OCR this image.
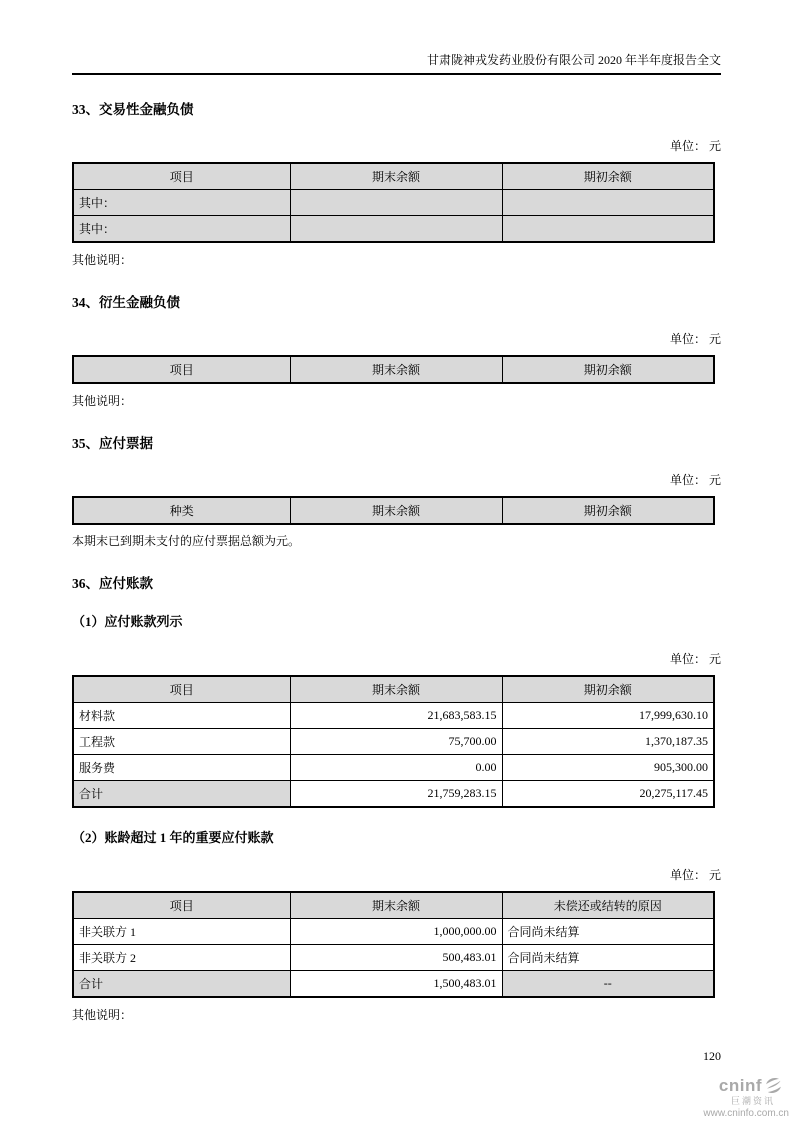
甘肃陇神戎发药业股份有限公司 2020 年半年度报告全文
33、交易性金融负债
单位： 元
项目	期末余额	期初余额
其中：		
其中：		
其他说明：
34、衍生金融负债
单位： 元
项目	期末余额	期初余额
其他说明：
35、应付票据
单位： 元
种类	期末余额	期初余额
本期末已到期未支付的应付票据总额为元。
36、应付账款
（1）应付账款列示
单位： 元
项目	期末余额	期初余额
材料款	21,683,583.15	17,999,630.10
工程款	75,700.00	1,370,187.35
服务费	0.00	905,300.00
合计	21,759,283.15	20,275,117.45
（2）账龄超过 1 年的重要应付账款
单位： 元
项目	期末余额	未偿还或结转的原因
非关联方 1	1,000,000.00	合同尚未结算
非关联方 2	500,483.01	合同尚未结算
合计	1,500,483.01	--
其他说明：
120
cninf
巨潮资讯
www.cninfo.com.cn
